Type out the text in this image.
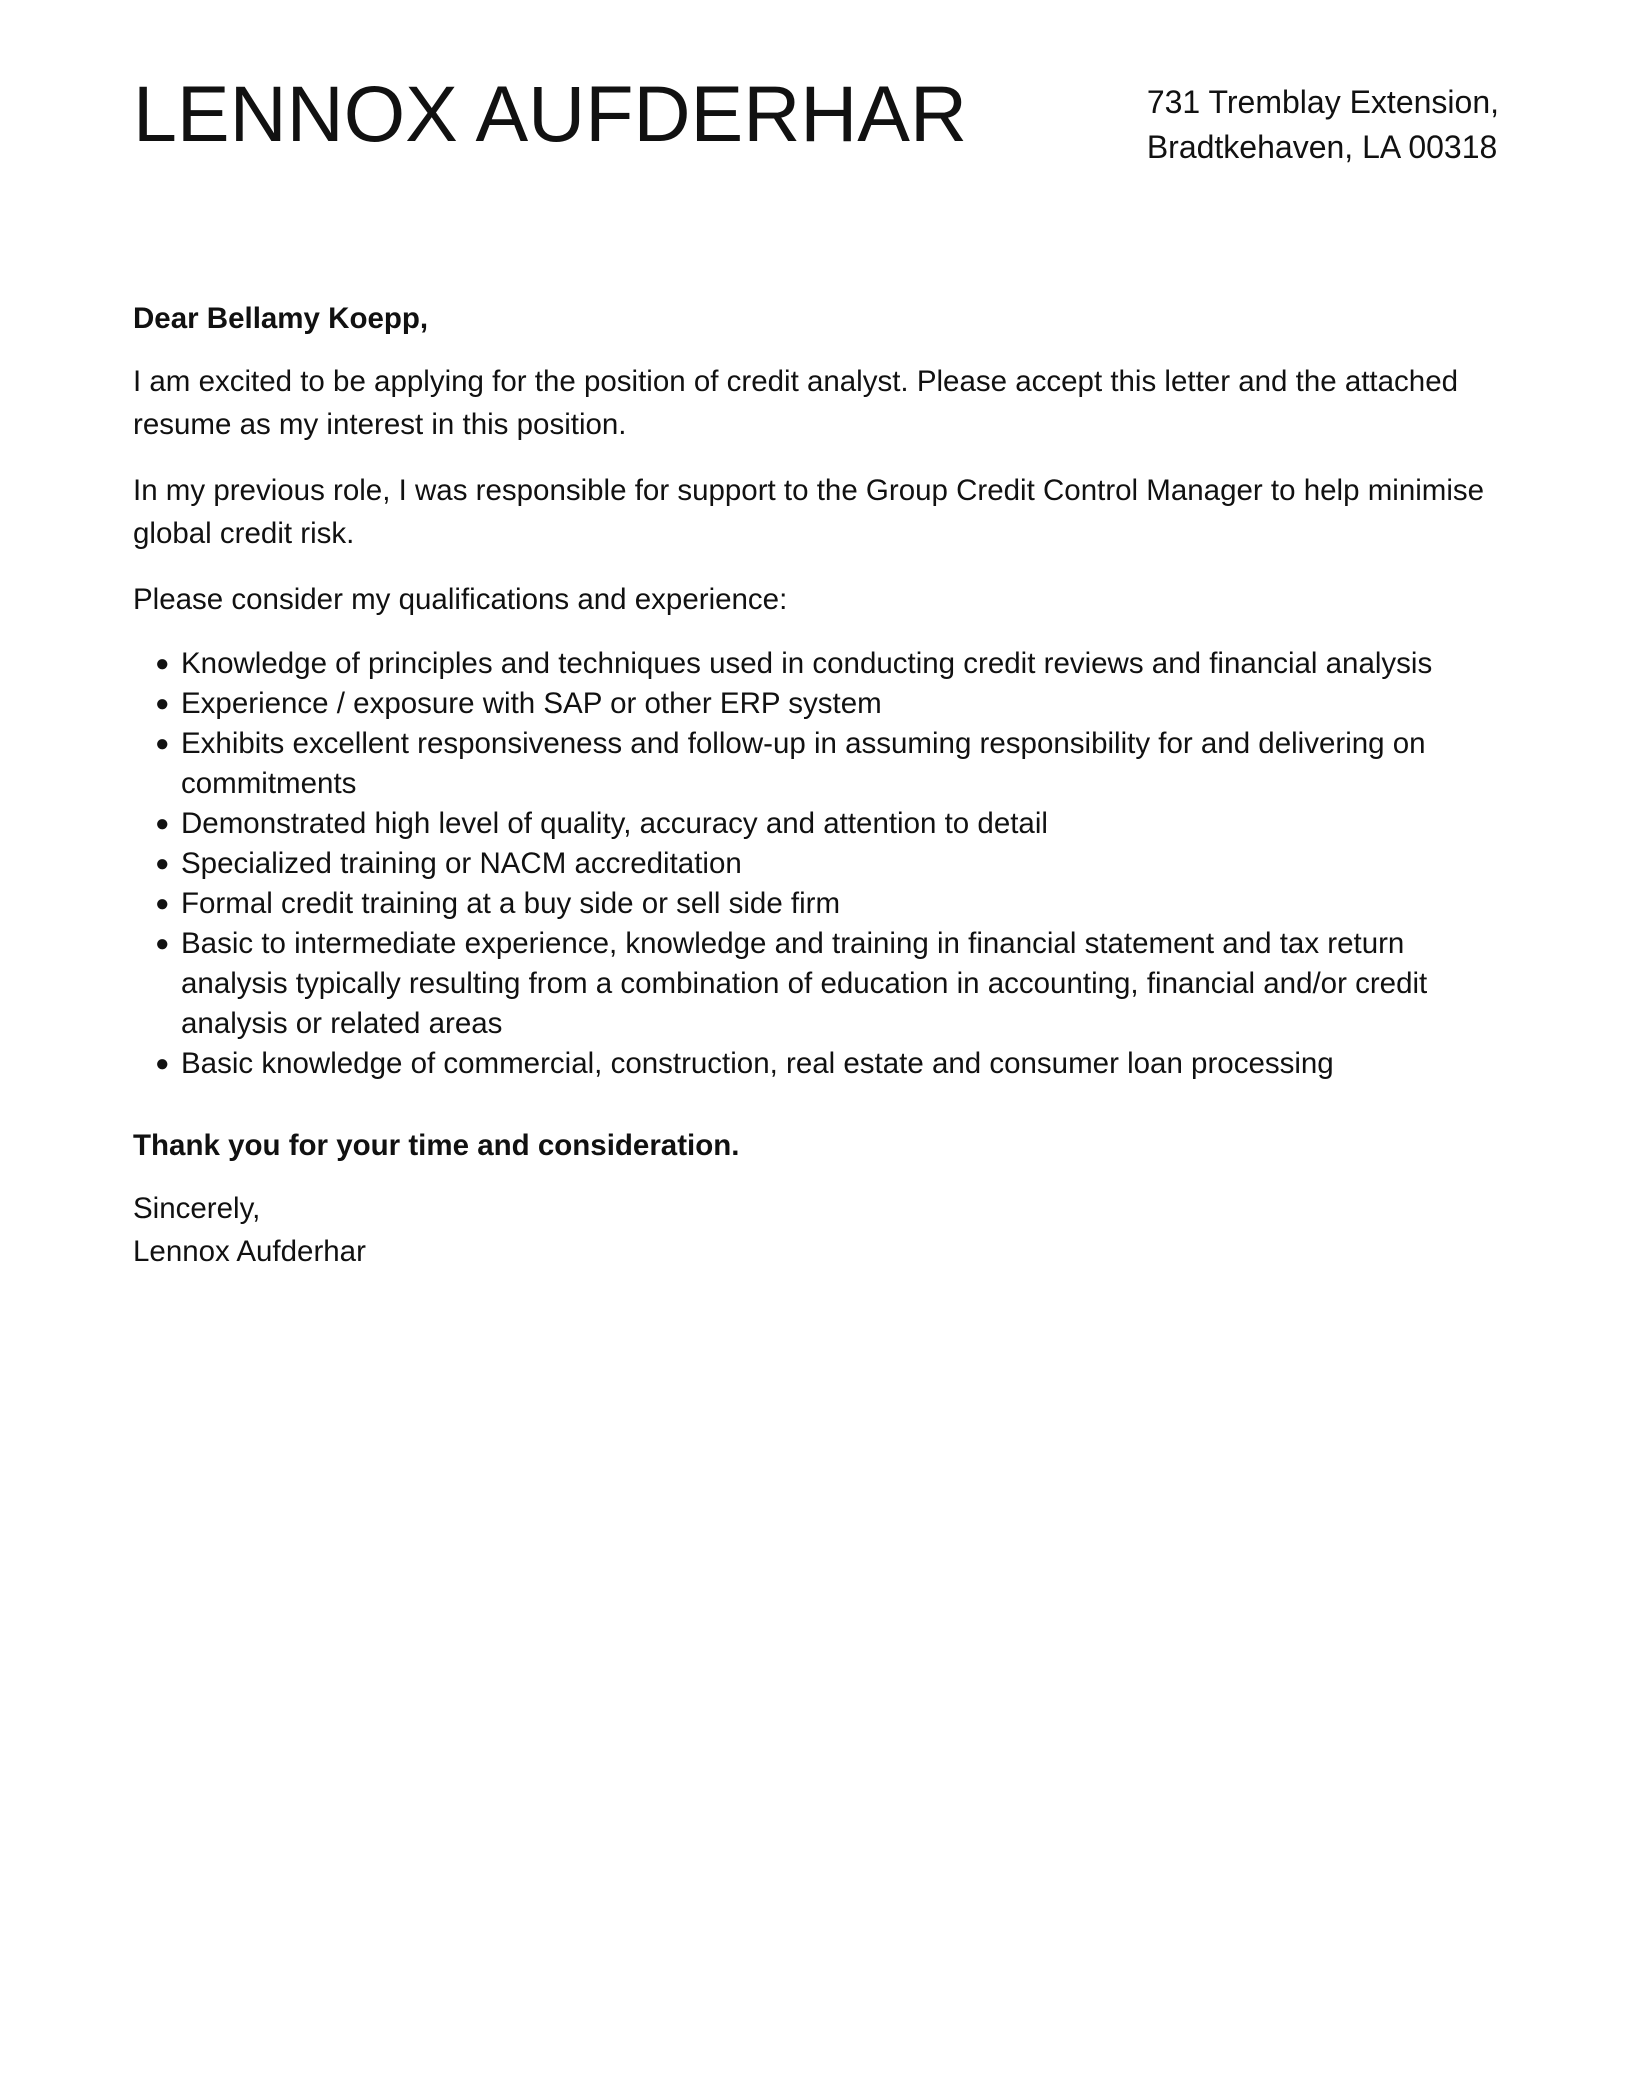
LENNOX AUFDERHAR	731 Tremblay Extension,
Bradtkehaven, LA 00318

Dear Bellamy Koepp,

I am excited to be applying for the position of credit analyst. Please accept this letter and the attached resume as my interest in this position.

In my previous role, I was responsible for support to the Group Credit Control Manager to help minimise global credit risk.

Please consider my qualifications and experience:

● Knowledge of principles and techniques used in conducting credit reviews and financial analysis
● Experience / exposure with SAP or other ERP system
● Exhibits excellent responsiveness and follow-up in assuming responsibility for and delivering on commitments
● Demonstrated high level of quality, accuracy and attention to detail
● Specialized training or NACM accreditation
● Formal credit training at a buy side or sell side firm
● Basic to intermediate experience, knowledge and training in financial statement and tax return analysis typically resulting from a combination of education in accounting, financial and/or credit analysis or related areas
● Basic knowledge of commercial, construction, real estate and consumer loan processing

Thank you for your time and consideration.

Sincerely,

Lennox Aufderhar
